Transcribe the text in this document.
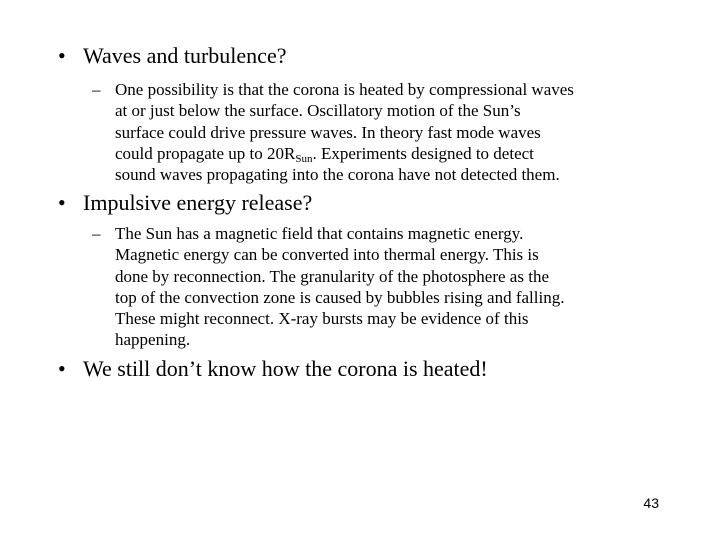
• Waves and turbulence?
– One possibility is that the corona is heated by compressional waves
at or just below the surface. Oscillatory motion of the Sun’s
surface could drive pressure waves. In theory fast mode waves
could propagate up to $20R_{Sun}$. Experiments designed to detect
sound waves propagating into the corona have not detected them.
• Impulsive energy release?
– The Sun has a magnetic field that contains magnetic energy.
Magnetic energy can be converted into thermal energy. This is
done by reconnection. The granularity of the photosphere as the
top of the convection zone is caused by bubbles rising and falling.
These might reconnect. X-ray bursts may be evidence of this
happening.
• We still don’t know how the corona is heated!
43
